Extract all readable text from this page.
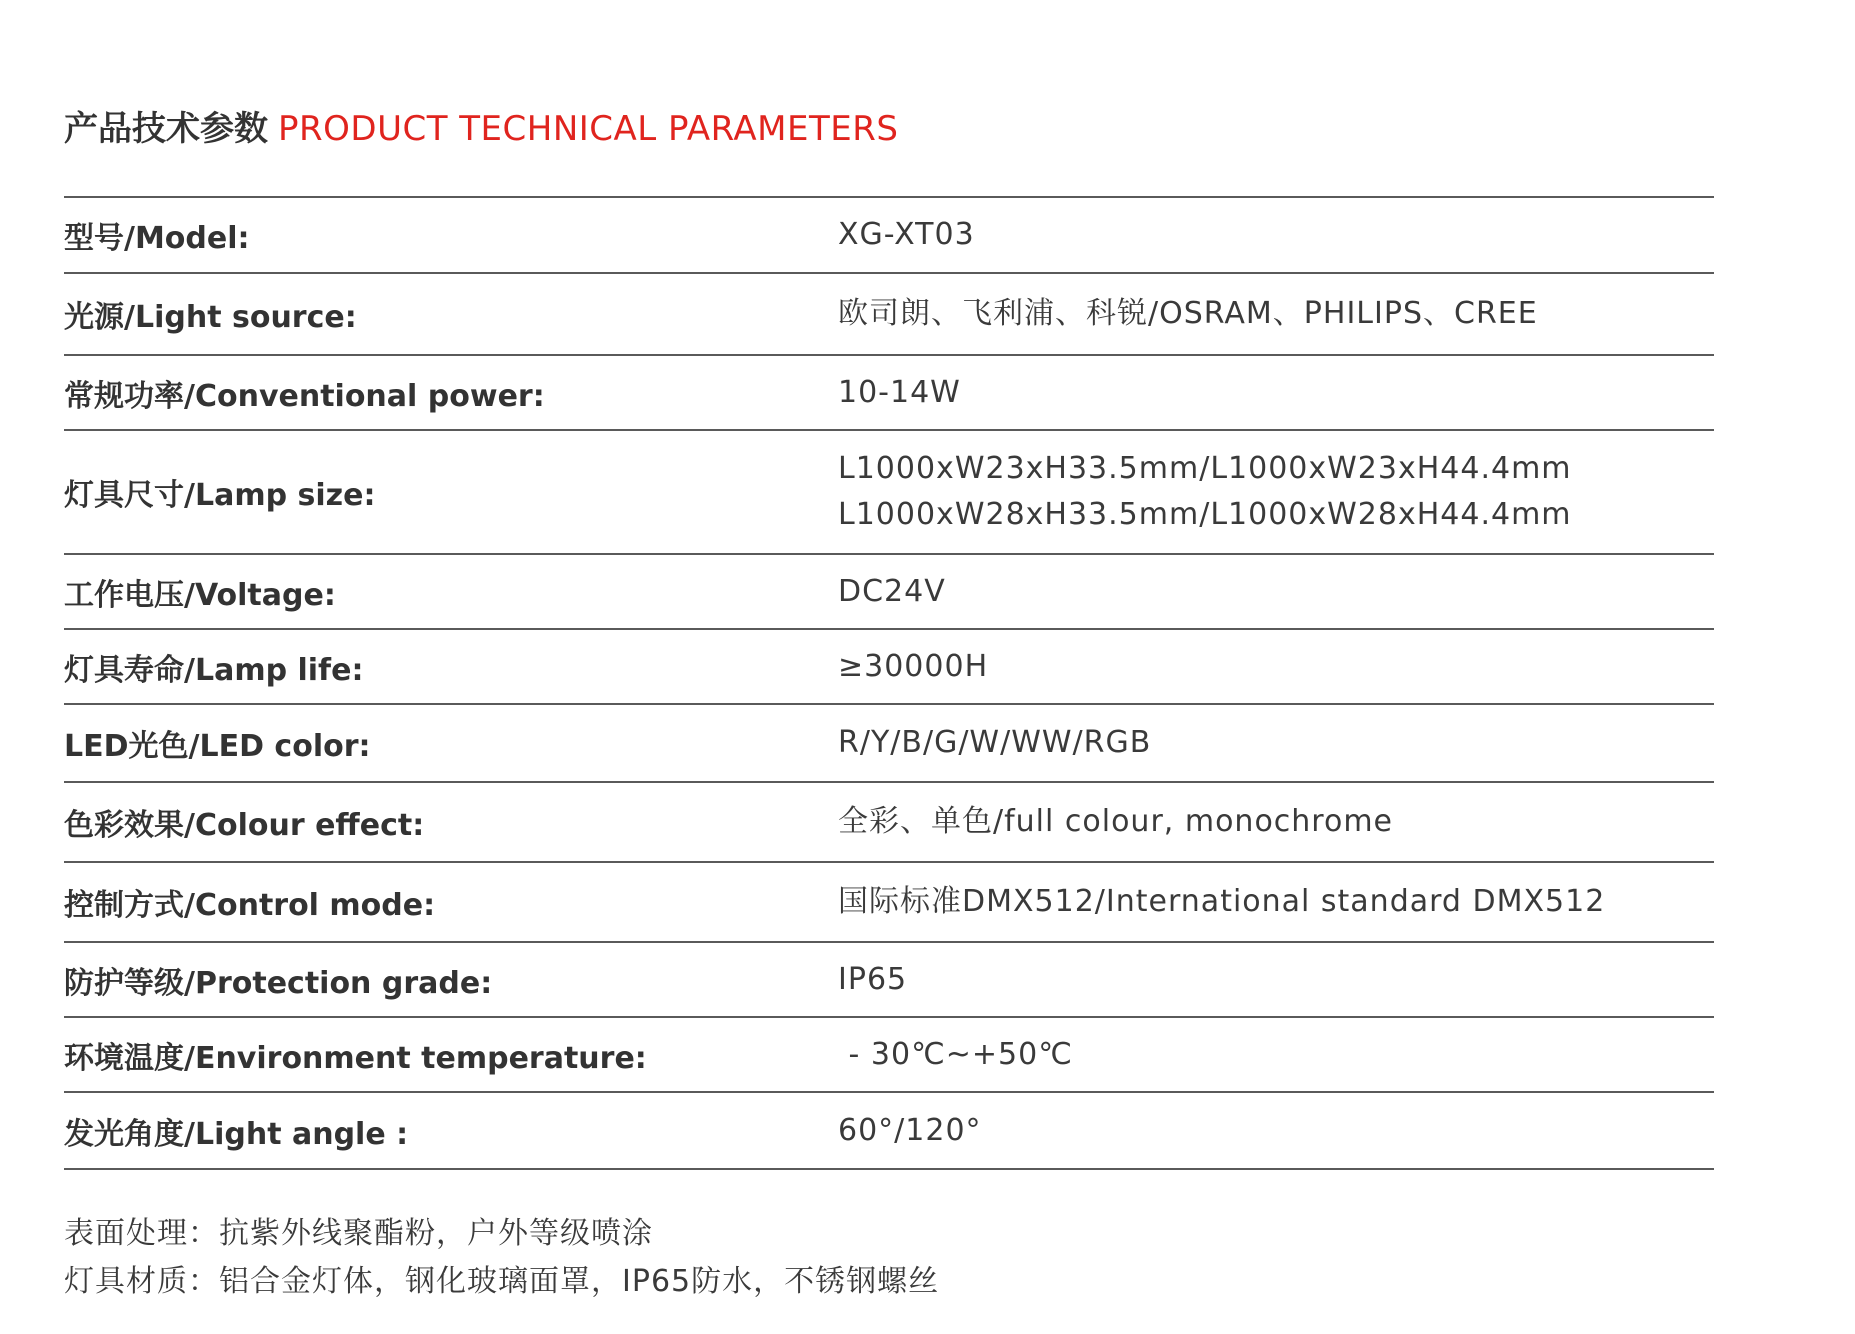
产品技术参数 PRODUCT TECHNICAL PARAMETERS
型号/Model:	XG-XT03
光源/Light source:	欧司朗、飞利浦、科锐/OSRAM、PHILIPS、CREE
常规功率/Conventional power:	10-14W
灯具尺寸/Lamp size:
L1000xW23xH33.5mm/L1000xW23xH44.4mm
L1000xW28xH33.5mm/L1000xW28xH44.4mm
工作电压/Voltage:	DC24V
灯具寿命/Lamp life:	≥30000H
LED光色/LED color:	R/Y/B/G/W/WW/RGB
色彩效果/Colour effect:	全彩、单色/full colour, monochrome
控制方式/Control mode:	国际标准DMX512/International standard DMX512
防护等级/Protection grade:	IP65
环境温度/Environment temperature:	- 30℃~+50℃
发光角度/Light angle :	60°/120°
表面处理：抗紫外线聚酯粉，户外等级喷涂
灯具材质：铝合金灯体，钢化玻璃面罩，IP65防水，不锈钢螺丝
